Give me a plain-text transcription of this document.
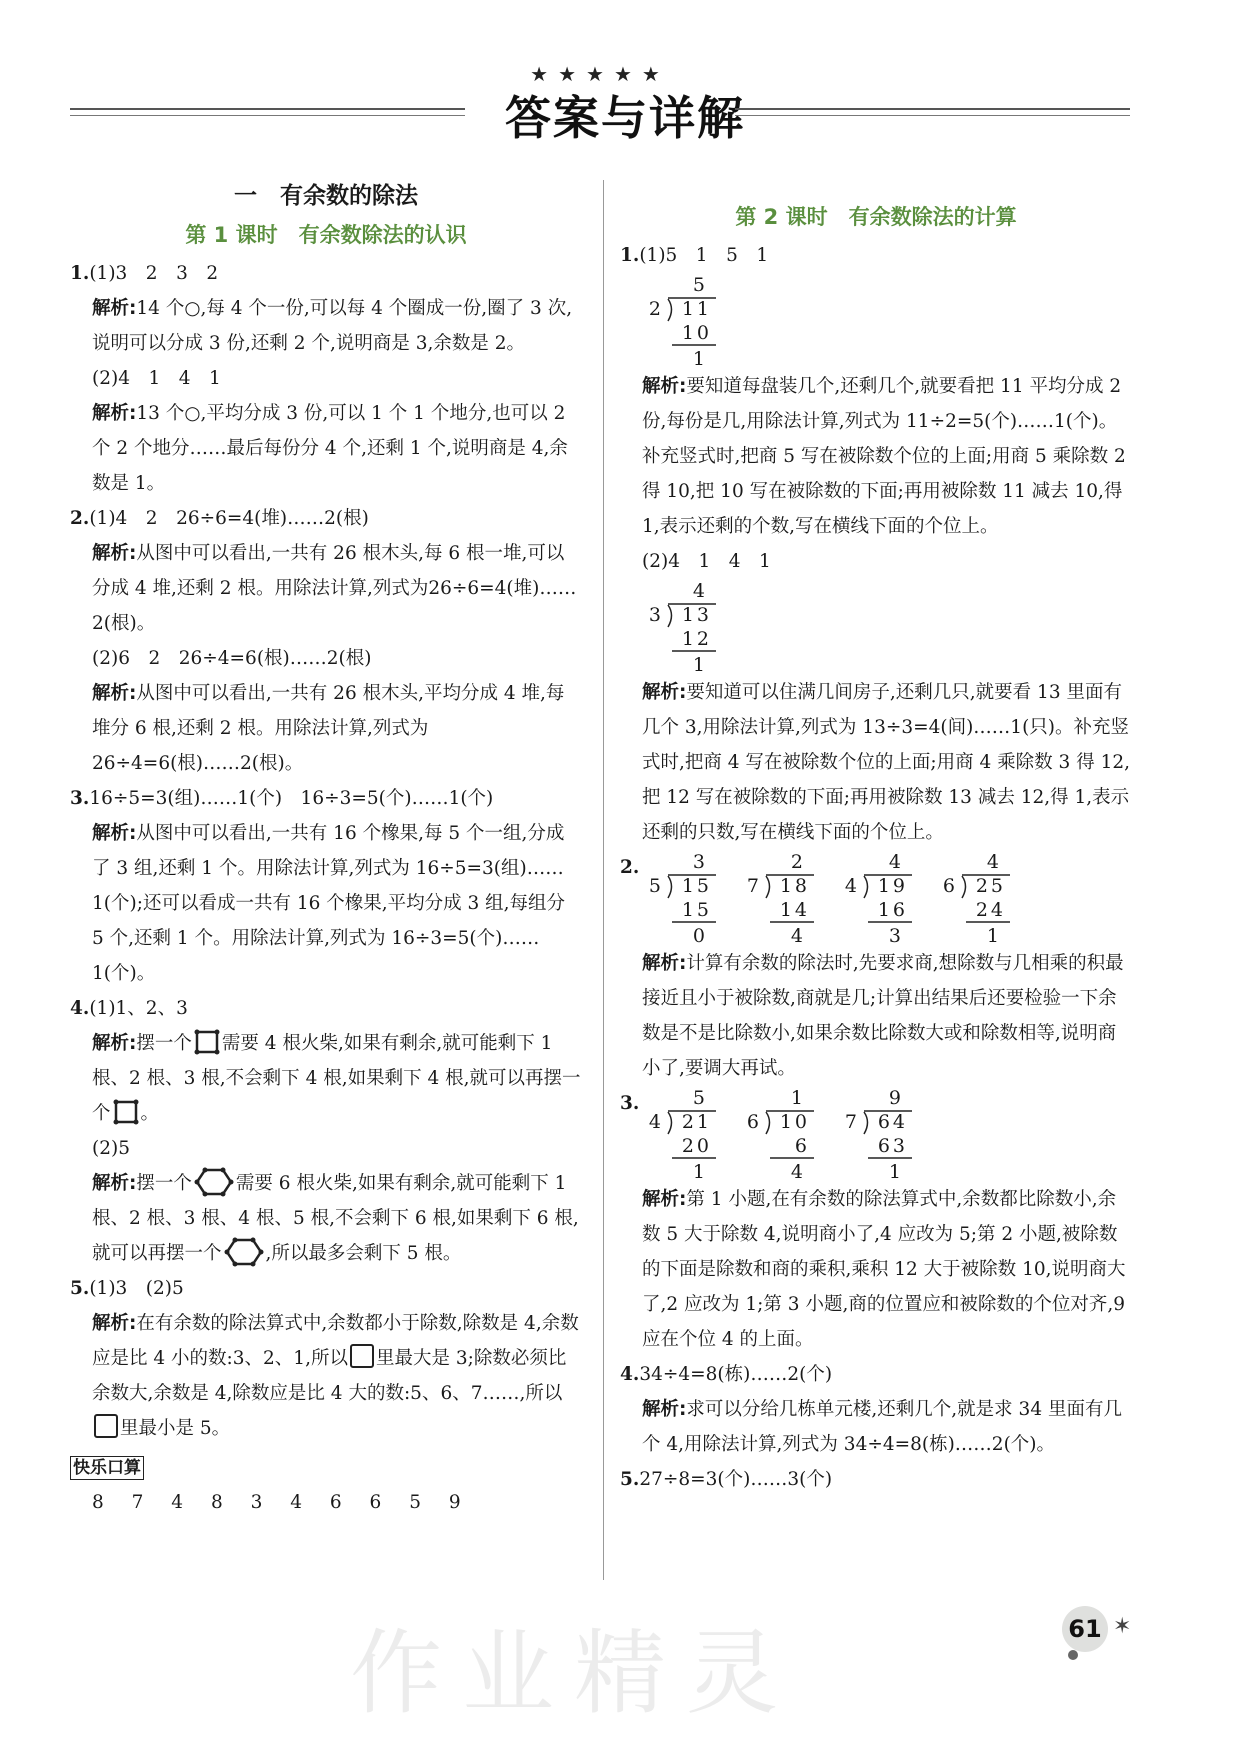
★★★★★
答案与详解
一　有余数的除法
第 1 课时　有余数除法的认识

1.(1)3　2　3　2

解析:14 个○,每 4 个一份,可以每 4 个圈成一份,圈了 3 次,说明可以分成 3 份,还剩 2 个,说明商是 3,余数是 2。

(2)4　1　4　1

解析:13 个○,平均分成 3 份,可以 1 个 1 个地分,也可以 2 个 2 个地分……最后每份分 4 个,还剩 1 个,说明商是 4,余数是 1。

2.(1)4　2　26÷6=4(堆)……2(根)

解析:从图中可以看出,一共有 26 根木头,每 6 根一堆,可以分成 4 堆,还剩 2 根。用除法计算,列式为26÷6=4(堆)……2(根)。

(2)6　2　26÷4=6(根)……2(根)

解析:从图中可以看出,一共有 26 根木头,平均分成 4 堆,每堆分 6 根,还剩 2 根。用除法计算,列式为 26÷4=6(根)……2(根)。

3.16÷5=3(组)……1(个)　16÷3=5(个)……1(个)

解析:从图中可以看出,一共有 16 个橡果,每 5 个一组,分成了 3 组,还剩 1 个。用除法计算,列式为 16÷5=3(组)……1(个);还可以看成一共有 16 个橡果,平均分成 3 组,每组分 5 个,还剩 1 个。用除法计算,列式为 16÷3=5(个)……1(个)。

4.(1)1、2、3

解析:摆一个 需要 4 根火柴,如果有剩余,就可能剩下 1 根、2 根、3 根,不会剩下 4 根,如果剩下 4 根,就可以再摆一个 。

(2)5

解析:摆一个 需要 6 根火柴,如果有剩余,就可能剩下 1 根、2 根、3 根、4 根、5 根,不会剩下 6 根,如果剩下 6 根,就可以再摆一个 ,所以最多会剩下 5 根。

5.(1)3　(2)5

解析:在有余数的除法算式中,余数都小于除数,除数是 4,余数应是比 4 小的数:3、2、1,所以 里最大是 3;除数必须比余数大,余数是 4,除数应是比 4 大的数:5、6、7……,所以里最小是 5。

快乐口算

8 7 4 8 3 4 6 6 5 9

第 2 课时　有余数除法的计算

1.(1)5　1　5　1

5
2 11
10
1

解析:要知道每盘装几个,还剩几个,就要看把 11 平均分成 2 份,每份是几,用除法计算,列式为 11÷2=5(个)……1(个)。补充竖式时,把商 5 写在被除数个位的上面;用商 5 乘除数 2 得 10,把 10 写在被除数的下面;再用被除数 11 减去 10,得 1,表示还剩的个数,写在横线下面的个位上。

(2)4　1　4　1

4
3 13
12
1

解析:要知道可以住满几间房子,还剩几只,就要看 13 里面有几个 3,用除法计算,列式为 13÷3=4(间)……1(只)。补充竖式时,把商 4 写在被除数个位的上面;用商 4 乘除数 3 得 12,把 12 写在被除数的下面;再用被除数 13 减去 12,得 1,表示还剩的只数,写在横线下面的个位上。

2.	3
5 15
15
0
2
7 18
14
4
4
4 19
16
3
4
6 25
24
1

解析:计算有余数的除法时,先要求商,想除数与几相乘的积最接近且小于被除数,商就是几;计算出结果后还要检验一下余数是不是比除数小,如果余数比除数大或和除数相等,说明商小了,要调大再试。

3.	5
4 21
20
1
1
6 10
6
4
9
7 64
63
1

解析:第 1 小题,在有余数的除法算式中,余数都比除数小,余数 5 大于除数 4,说明商小了,4 应改为 5;第 2 小题,被除数的下面是除数和商的乘积,乘积 12 大于被除数 10,说明商大了,2 应改为 1;第 3 小题,商的位置应和被除数的个位对齐,9 应在个位 4 的上面。

4.34÷4=8(栋)……2(个)

解析:求可以分给几栋单元楼,还剩几个,就是求 34 里面有几个 4,用除法计算,列式为 34÷4=8(栋)……2(个)。

5.27÷8=3(个)……3(个)

作业精灵	61 ✶
